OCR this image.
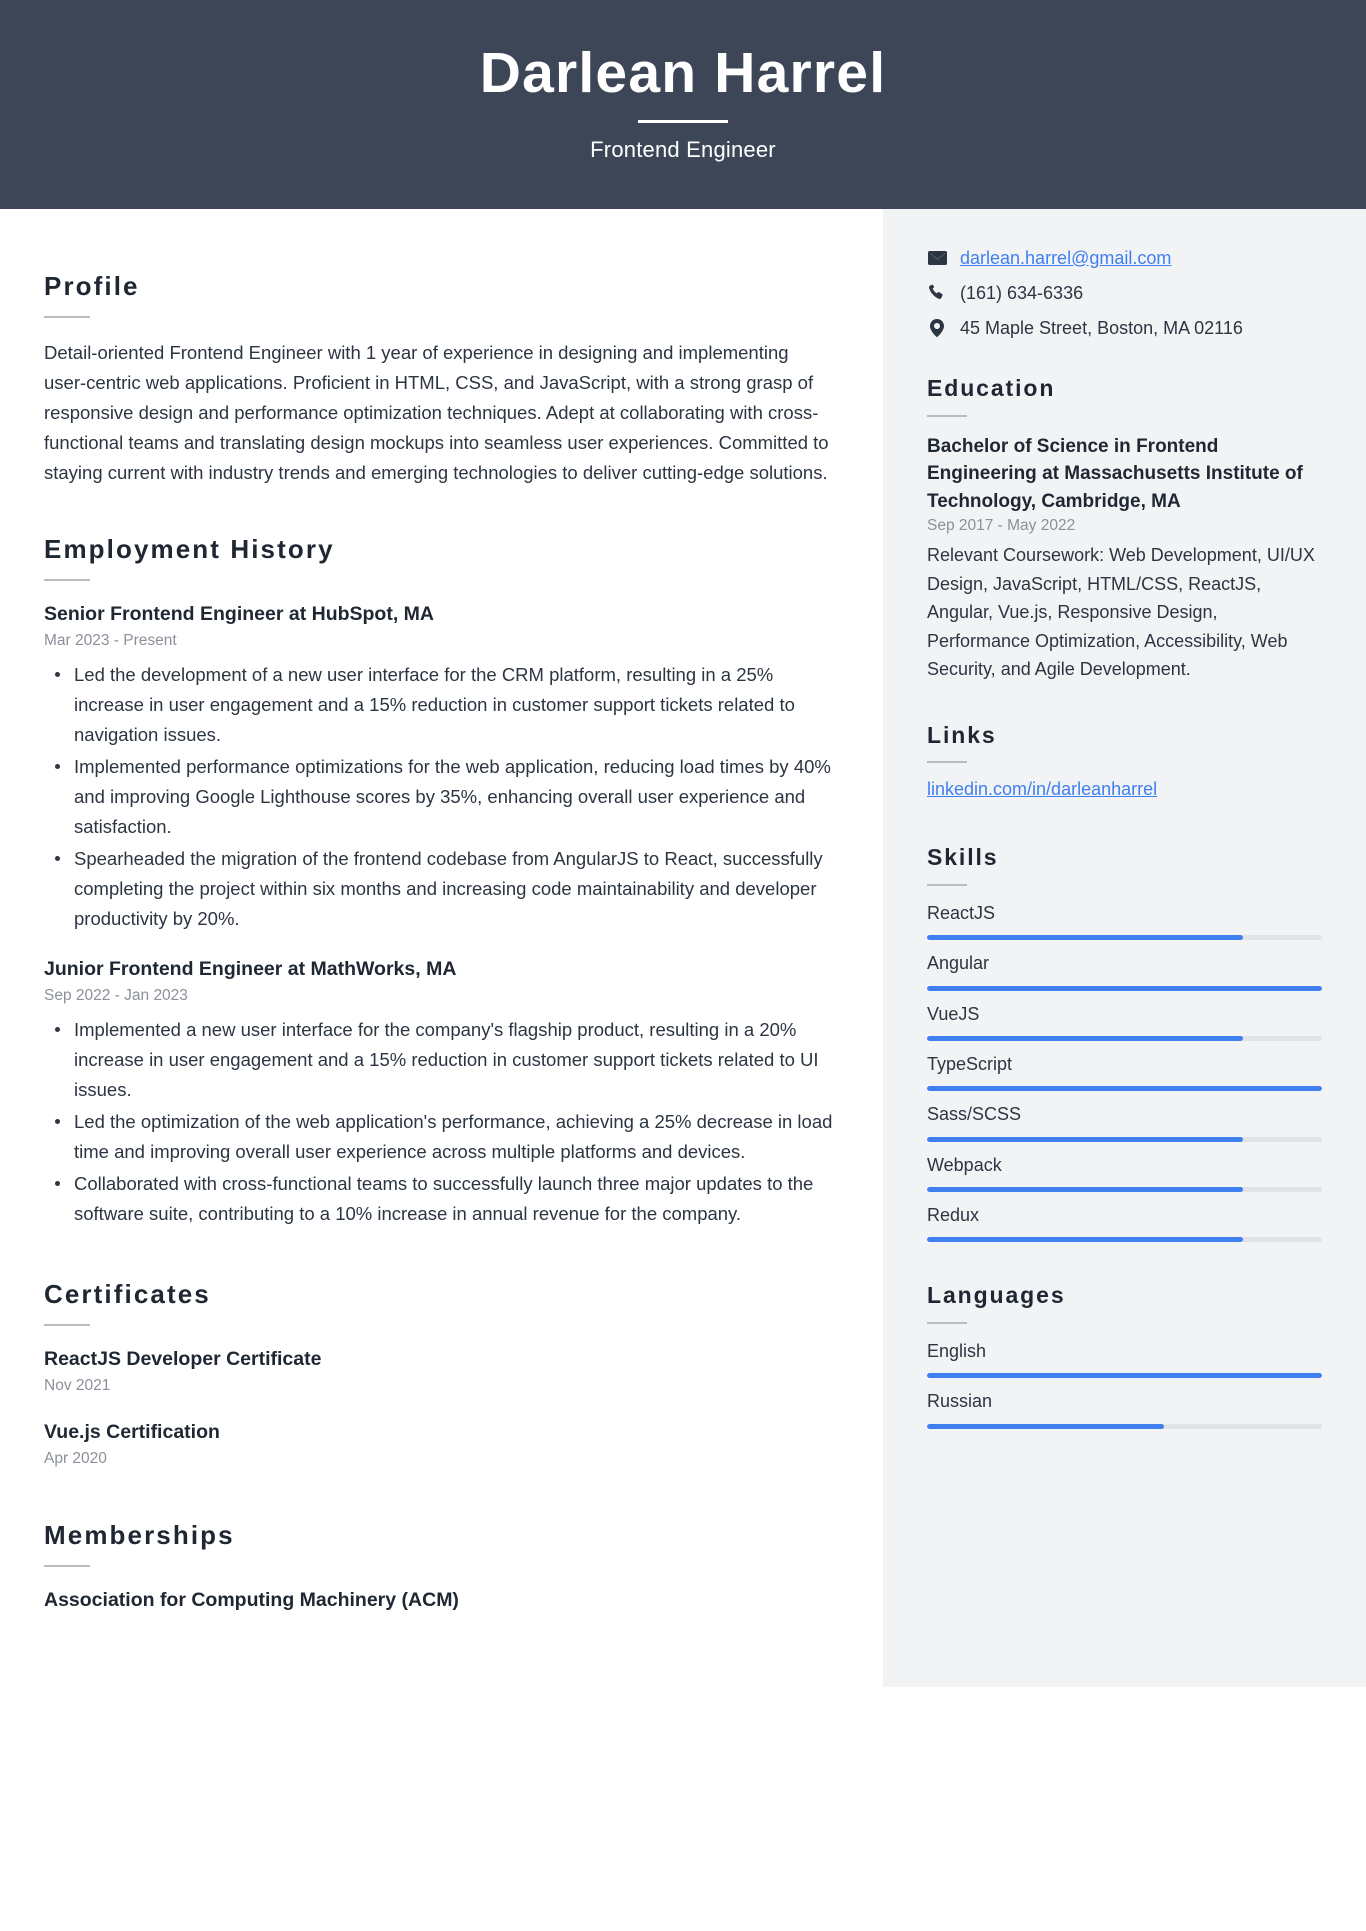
Darlean Harrel
Frontend Engineer
Profile
Detail-oriented Frontend Engineer with 1 year of experience in designing and implementing user-centric web applications. Proficient in HTML, CSS, and JavaScript, with a strong grasp of responsive design and performance optimization techniques. Adept at collaborating with cross-functional teams and translating design mockups into seamless user experiences. Committed to staying current with industry trends and emerging technologies to deliver cutting-edge solutions.
Employment History
Senior Frontend Engineer at HubSpot, MA
Mar 2023 - Present
Led the development of a new user interface for the CRM platform, resulting in a 25% increase in user engagement and a 15% reduction in customer support tickets related to navigation issues.
Implemented performance optimizations for the web application, reducing load times by 40% and improving Google Lighthouse scores by 35%, enhancing overall user experience and satisfaction.
Spearheaded the migration of the frontend codebase from AngularJS to React, successfully completing the project within six months and increasing code maintainability and developer productivity by 20%.
Junior Frontend Engineer at MathWorks, MA
Sep 2022 - Jan 2023
Implemented a new user interface for the company's flagship product, resulting in a 20% increase in user engagement and a 15% reduction in customer support tickets related to UI issues.
Led the optimization of the web application's performance, achieving a 25% decrease in load time and improving overall user experience across multiple platforms and devices.
Collaborated with cross-functional teams to successfully launch three major updates to the software suite, contributing to a 10% increase in annual revenue for the company.
Certificates
ReactJS Developer Certificate
Nov 2021
Vue.js Certification
Apr 2020
Memberships
Association for Computing Machinery (ACM)
darlean.harrel@gmail.com
(161) 634-6336
45 Maple Street, Boston, MA 02116
Education
Bachelor of Science in Frontend Engineering at Massachusetts Institute of Technology, Cambridge, MA
Sep 2017 - May 2022
Relevant Coursework: Web Development, UI/UX Design, JavaScript, HTML/CSS, ReactJS, Angular, Vue.js, Responsive Design, Performance Optimization, Accessibility, Web Security, and Agile Development.
Links
linkedin.com/in/darleanharrel
Skills
ReactJS
Angular
VueJS
TypeScript
Sass/SCSS
Webpack
Redux
Languages
English
Russian
